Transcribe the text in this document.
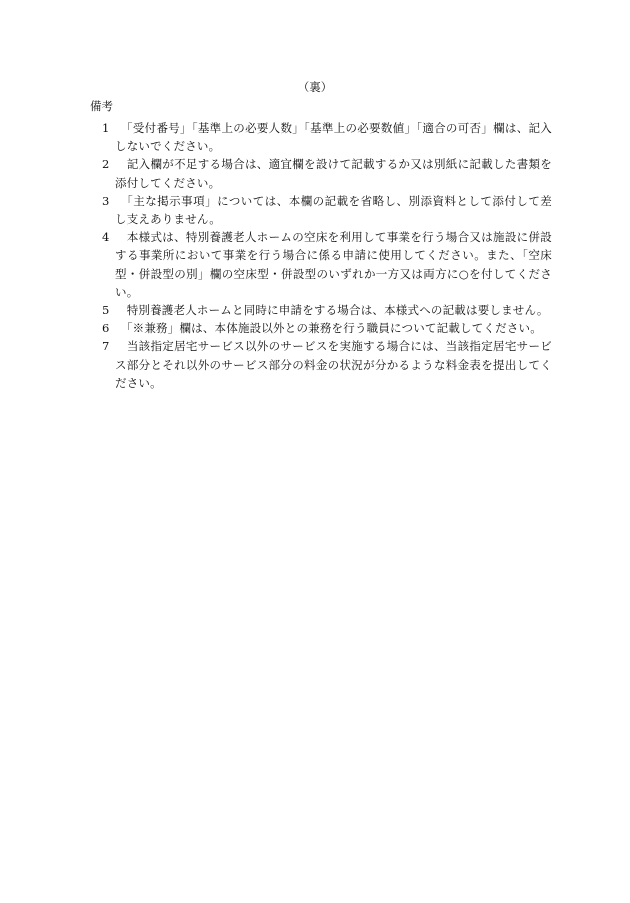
（裏）
備考
1 　「受付番号」「基準上の必要人数」「基準上の必要数値」「適合の可否」欄は、記入しないでください。
2 　記入欄が不足する場合は、適宜欄を設けて記載するか又は別紙に記載した書類を添付してください。
3 　「主な掲示事項」については、本欄の記載を省略し、別添資料として添付して差し支えありません。
4 　本様式は、特別養護老人ホームの空床を利用して事業を行う場合又は施設に併設する事業所において事業を行う場合に係る申請に使用してください。また、「空床型・併設型の別」欄の空床型・併設型のいずれか一方又は両方に○を付してください。
5 　特別養護老人ホームと同時に申請をする場合は、本様式への記載は要しません。
6 　「※兼務」欄は、本体施設以外との兼務を行う職員について記載してください。
7 　当該指定居宅サービス以外のサービスを実施する場合には、当該指定居宅サービス部分とそれ以外のサービス部分の料金の状況が分かるような料金表を提出してください。
